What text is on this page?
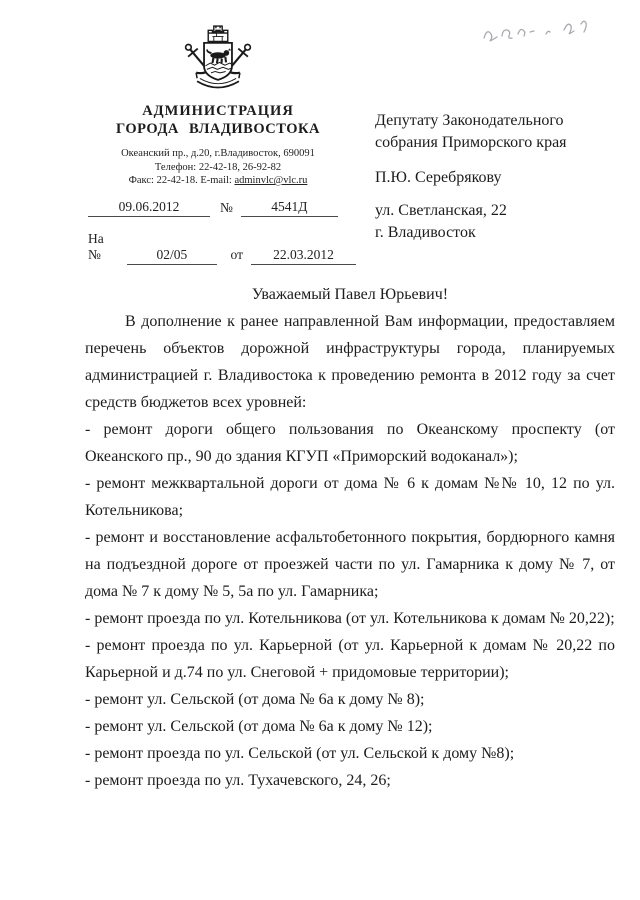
АДМИНИСТРАЦИЯ
ГОРОДА ВЛАДИВОСТОКА
Океанский пр., д.20, г.Владивосток, 690091
Телефон: 22-42-18, 26-92-82
Факс: 22-42-18. E-mail: adminvlc@vlc.ru
09.06.2012	№	4541Д
На №	02/05	от	22.03.2012
Депутату Законодательного
собрания Приморского края
П.Ю. Серебрякову
ул. Светланская, 22
г. Владивосток
Уважаемый Павел Юрьевич!

В дополнение к ранее направленной Вам информации, предоставляем перечень объектов дорожной инфраструктуры города, планируемых администрацией г. Владивостока к проведению ремонта в 2012 году за счет средств бюджетов всех уровней:

- ремонт дороги общего пользования по Океанскому проспекту (от Океанского пр., 90 до здания КГУП «Приморский водоканал»);

- ремонт межквартальной дороги от дома № 6 к домам №№ 10, 12 по ул. Котельникова;

- ремонт и восстановление асфальтобетонного покрытия, бордюрного камня на подъездной дороге от проезжей части по ул. Гамарника к дому № 7, от дома № 7 к дому № 5, 5а по ул. Гамарника;

- ремонт проезда по ул. Котельникова (от ул. Котельникова к домам № 20,22);

- ремонт проезда по ул. Карьерной (от ул. Карьерной к домам № 20,22 по Карьерной и д.74 по ул. Снеговой + придомовые территории);

- ремонт ул. Сельской (от дома № 6а к дому № 8);

- ремонт ул. Сельской (от дома № 6а к дому № 12);

- ремонт проезда по ул. Сельской (от ул. Сельской к дому №8);

- ремонт проезда по ул. Тухачевского, 24, 26;
